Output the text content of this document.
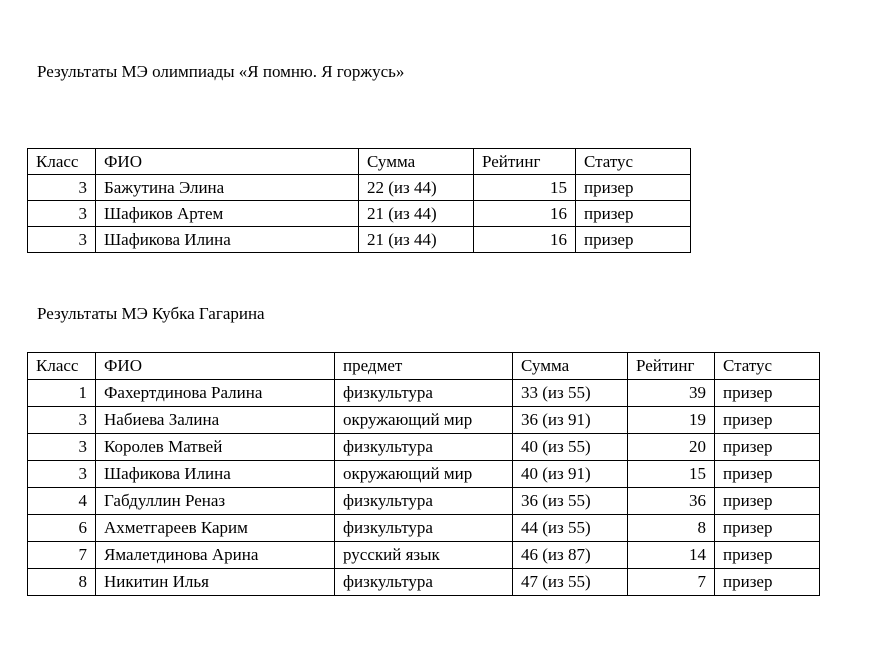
Результаты МЭ олимпиады «Я помню. Я горжусь»
Класс	ФИО	Сумма	Рейтинг	Статус
3	Бажутина Элина	22 (из 44)	15	призер
3	Шафиков Артем	21 (из 44)	16	призер
3	Шафикова Илина	21 (из 44)	16	призер
Результаты МЭ Кубка Гагарина
Класс	ФИО	предмет	Сумма	Рейтинг	Статус
1	Фахертдинова Ралина	физкультура	33 (из 55)	39	призер
3	Набиева Залина	окружающий мир	36 (из 91)	19	призер
3	Королев Матвей	физкультура	40 (из 55)	20	призер
3	Шафикова Илина	окружающий мир	40 (из 91)	15	призер
4	Габдуллин Реназ	физкультура	36 (из 55)	36	призер
6	Ахметгареев Карим	физкультура	44 (из 55)	8	призер
7	Ямалетдинова Арина	русский язык	46 (из 87)	14	призер
8	Никитин Илья	физкультура	47 (из 55)	7	призер
